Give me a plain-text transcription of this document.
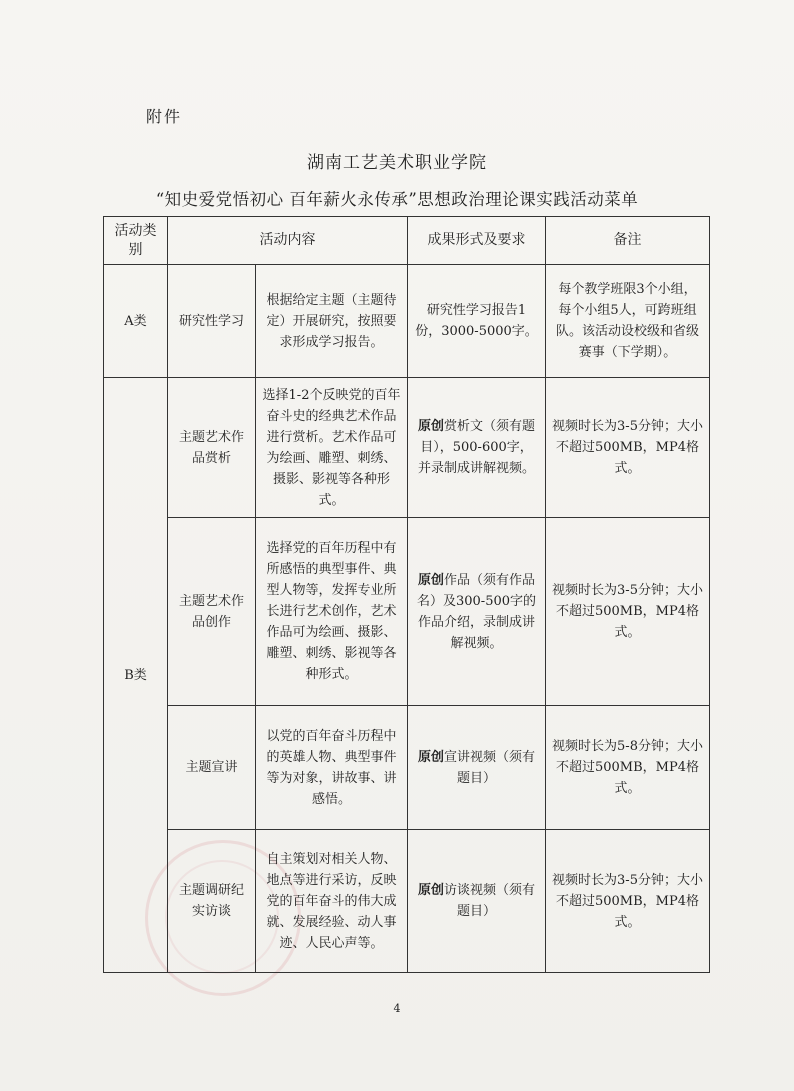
附件
湖南工艺美术职业学院
“知史爱党悟初心 百年薪火永传承”思想政治理论课实践活动菜单
活动类别	活动内容		成果形式及要求	备注
A类	研究性学习	根据给定主题（主题待定）开展研究，按照要求形成学习报告。	研究性学习报告1份，3000-5000字。	每个教学班限3个小组，每个小组5人，可跨班组队。该活动设校级和省级赛事（下学期）。
B类	主题艺术作品赏析	选择1-2个反映党的百年奋斗史的经典艺术作品进行赏析。艺术作品可为绘画、雕塑、刺绣、摄影、影视等各种形式。	原创赏析文（须有题目），500-600字，并录制成讲解视频。	视频时长为3-5分钟；大小不超过500MB，MP4格式。
	主题艺术作品创作	选择党的百年历程中有所感悟的典型事件、典型人物等，发挥专业所长进行艺术创作，艺术作品可为绘画、摄影、雕塑、刺绣、影视等各种形式。	原创作品（须有作品名）及300-500字的作品介绍，录制成讲解视频。	视频时长为3-5分钟；大小不超过500MB，MP4格式。
	主题宣讲	以党的百年奋斗历程中的英雄人物、典型事件等为对象，讲故事、讲感悟。	原创宣讲视频（须有题目）	视频时长为5-8分钟；大小不超过500MB，MP4格式。
	主题调研纪实访谈	自主策划对相关人物、地点等进行采访，反映党的百年奋斗的伟大成就、发展经验、动人事迹、人民心声等。	原创访谈视频（须有题目）	视频时长为3-5分钟；大小不超过500MB，MP4格式。
4
